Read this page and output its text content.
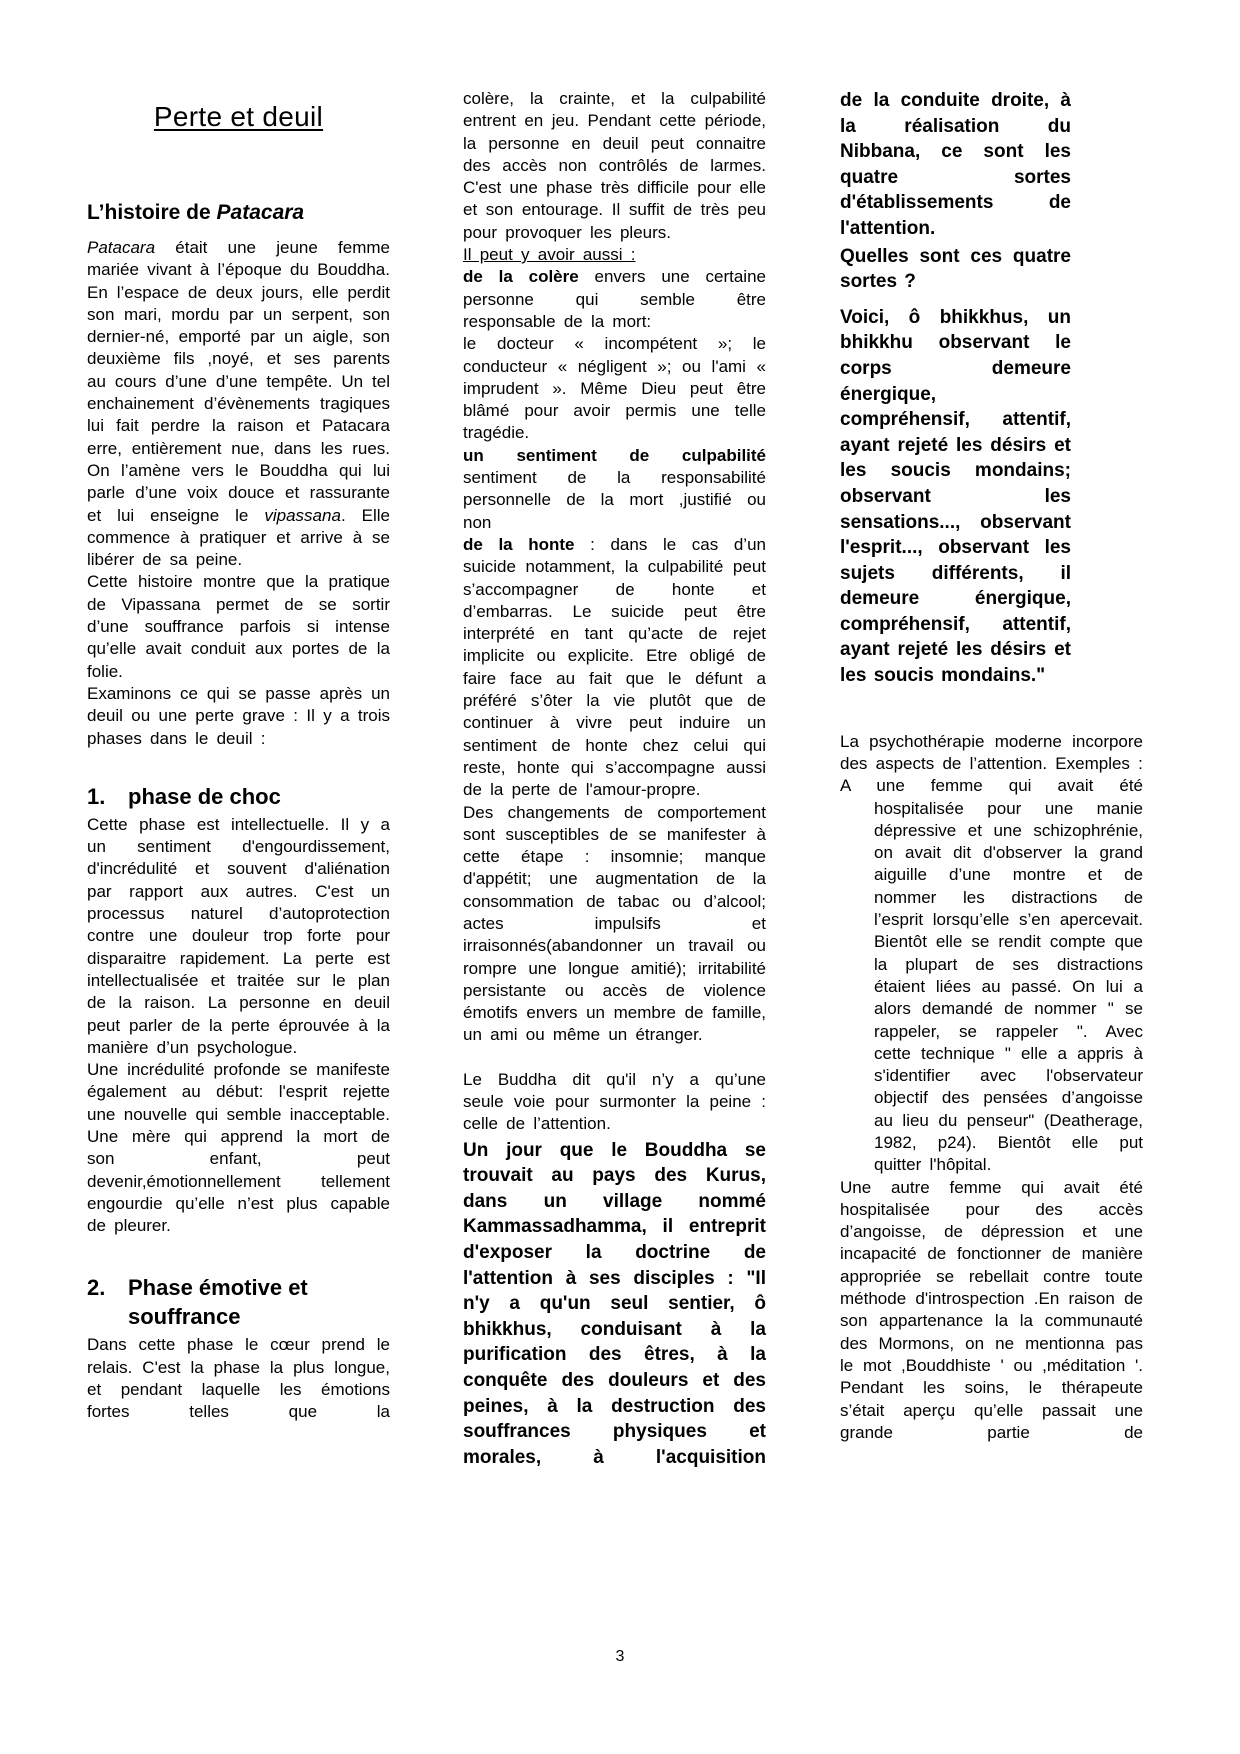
Perte et deuil
L’histoire de Patacara

Patacara était une jeune femme mariée vivant à l’époque du Bouddha. En l’espace de deux jours, elle perdit son mari, mordu par un serpent, son dernier-né, emporté par un aigle, son deuxième fils ,noyé, et ses parents au cours d’une d’une tempête. Un tel enchainement d’évènements tragiques lui fait perdre la raison et Patacara erre, entièrement nue, dans les rues. On l’amène vers le Bouddha qui lui parle d’une voix douce et rassurante et lui enseigne le vipassana. Elle commence à pratiquer et arrive à se libérer de sa peine.

Cette histoire montre que la pratique de Vipassana permet de se sortir d’une souffrance parfois si intense qu’elle avait conduit aux portes de la folie.

Examinons ce qui se passe après un deuil ou une perte grave : Il y a trois phases dans le deuil :

1.	phase de choc

Cette phase est intellectuelle. Il y a un sentiment d'engourdissement, d'incrédulité et souvent d'aliénation par rapport aux autres. C'est un processus naturel d’autoprotection contre une douleur trop forte pour disparaitre rapidement. La perte est intellectualisée et traitée sur le plan de la raison. La personne en deuil peut parler de la perte éprouvée à la manière d’un psychologue.

Une incrédulité profonde se manifeste également au début: l'esprit rejette une nouvelle qui semble inacceptable. Une mère qui apprend la mort de son enfant, peut devenir,émotionnellement tellement engourdie qu’elle n’est plus capable de pleurer.

2.	Phase émotive et souffrance

Dans cette phase le cœur prend le relais. C'est la phase la plus longue, et pendant laquelle les émotions fortes telles que la

colère, la crainte, et la culpabilité entrent en jeu. Pendant cette période, la personne en deuil peut connaitre des accès non contrôlés de larmes. C'est une phase très difficile pour elle et son entourage. Il suffit de très peu pour provoquer les pleurs.

Il peut y avoir aussi :

de la colère envers une certaine personne qui semble être responsable de la mort:

le docteur « incompétent »; le conducteur « négligent »; ou l'ami « imprudent ». Même Dieu peut être blâmé pour avoir permis une telle tragédie.

un sentiment de culpabilité sentiment de la responsabilité personnelle de la mort ,justifié ou non

de la honte : dans le cas d’un suicide notamment, la culpabilité peut s’accompagner de honte et d’embarras. Le suicide peut être interprété en tant qu’acte de rejet implicite ou explicite. Etre obligé de faire face au fait que le défunt a préféré s’ôter la vie plutôt que de continuer à vivre peut induire un sentiment de honte chez celui qui reste, honte qui s’accompagne aussi de la perte de l'amour-propre.

Des changements de comportement sont susceptibles de se manifester à cette étape : insomnie; manque d'appétit; une augmentation de la consommation de tabac ou d’alcool; actes impulsifs et irraisonnés(abandonner un travail ou rompre une longue amitié); irritabilité persistante ou accès de violence émotifs envers un membre de famille, un ami ou même un étranger.

Le Buddha dit qu'il n’y a qu’une seule voie pour surmonter la peine : celle de l’attention.

Un jour que le Bouddha se trouvait au pays des Kurus, dans un village nommé Kammassadhamma, il entreprit d'exposer la doctrine de l'attention à ses disciples : "Il n'y a qu'un seul sentier, ô bhikkhus, conduisant à la purification des êtres, à la conquête des douleurs et des peines, à la destruction des souffrances physiques et morales, à l'acquisition

de la conduite droite, à la réalisation du Nibbana, ce sont les quatre sortes d'établissements de l'attention.

Quelles sont ces quatre sortes ?

Voici, ô bhikkhus, un bhikkhu observant le corps demeure énergique, compréhensif, attentif, ayant rejeté les désirs et les soucis mondains; observant les sensations..., observant l'esprit..., observant les sujets différents, il demeure énergique, compréhensif, attentif, ayant rejeté les désirs et les soucis mondains."

La psychothérapie moderne incorpore des aspects de l’attention. Exemples :

A une femme qui avait été hospitalisée pour une manie dépressive et une schizophrénie, on avait dit d'observer la grand aiguille d’une montre et de nommer les distractions de l’esprit lorsqu’elle s’en apercevait. Bientôt elle se rendit compte que la plupart de ses distractions étaient liées au passé. On lui a alors demandé de nommer " se rappeler, se rappeler ". Avec cette technique " elle a appris à s'identifier avec l'observateur objectif des pensées d’angoisse au lieu du penseur" (Deatherage, 1982, p24). Bientôt elle put quitter l'hôpital.

Une autre femme qui avait été hospitalisée pour des accès d’angoisse, de dépression et une incapacité de fonctionner de manière appropriée se rebellait contre toute méthode d'introspection .En raison de son appartenance la la communauté des Mormons, on ne mentionna pas le mot ,Bouddhiste ' ou ,méditation '. Pendant les soins, le thérapeute s’était aperçu qu’elle passait une grande partie de

3
